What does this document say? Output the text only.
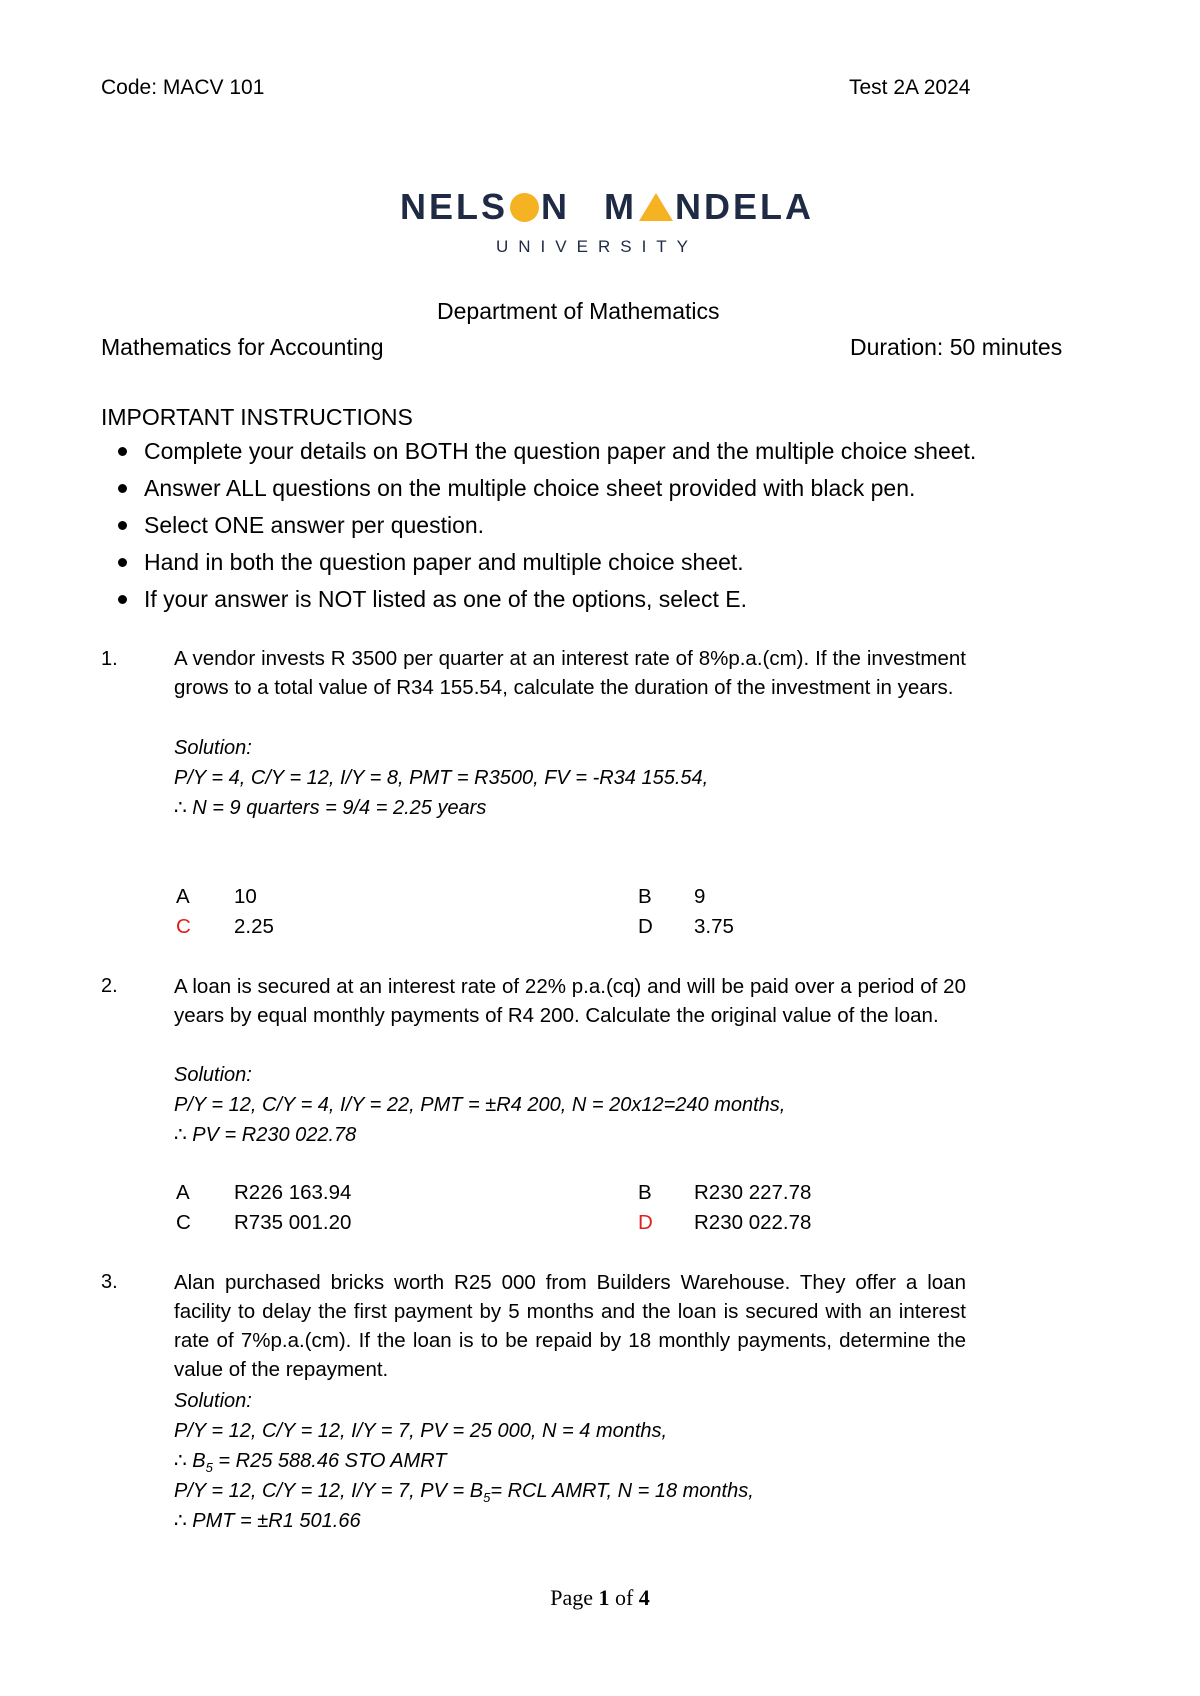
Code: MACV 101	Test 2A 2024
NELS N M NDELA
UNIVERSITY
Department of Mathematics
Mathematics for Accounting	Duration: 50 minutes
IMPORTANT INSTRUCTIONS
Complete your details on BOTH the question paper and the multiple choice sheet.
Answer ALL questions on the multiple choice sheet provided with black pen.
Select ONE answer per question.
Hand in both the question paper and multiple choice sheet.
If your answer is NOT listed as one of the options, select E.
1.	A vendor invests R 3500 per quarter at an interest rate of 8%p.a.(cm). If the investment grows to a total value of R34 155.54, calculate the duration of the investment in years.
Solution:
P/Y = 4, C/Y = 12, I/Y = 8, PMT = R3500, FV = -R34 155.54,
∴ N = 9 quarters = 9/4 = 2.25 years
A 10	B 9
C 2.25	D 3.75
2.	A loan is secured at an interest rate of 22% p.a.(cq) and will be paid over a period of 20 years by equal monthly payments of R4 200. Calculate the original value of the loan.
Solution:
P/Y = 12, C/Y = 4, I/Y = 22, PMT = ±R4 200, N = 20x12=240 months,
∴ PV = R230 022.78
A R226 163.94	B R230 227.78
C R735 001.20	D R230 022.78
3.	Alan purchased bricks worth R25 000 from Builders Warehouse. They offer a loan facility to delay the first payment by 5 months and the loan is secured with an interest rate of 7%p.a.(cm). If the loan is to be repaid by 18 monthly payments, determine the value of the repayment.
Solution:
P/Y = 12, C/Y = 12, I/Y = 7, PV = 25 000, N = 4 months,
∴ $B_5 = R25$ 588.46 STO AMRT
P/Y = 12, C/Y = 12, I/Y = 7, PV = $B_5=$ RCL AMRT, N = 18 months,
∴ PMT = ±R1 501.66
Page 1 of 4
